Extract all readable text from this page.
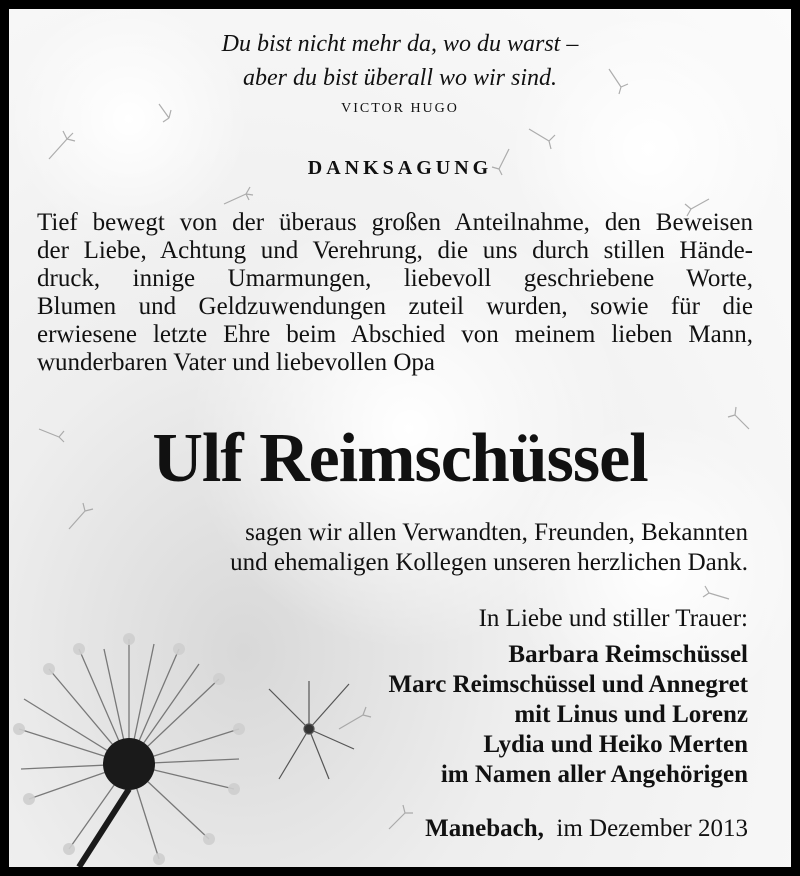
Du bist nicht mehr da, wo du warst –
aber du bist überall wo wir sind.
VICTOR HUGO
DANKSAGUNG
Tief bewegt von der überaus großen Anteilnahme, den Beweisen
der Liebe, Achtung und Verehrung, die uns durch stillen Hände-
druck, innige Umarmungen, liebevoll geschriebene Worte,
Blumen und Geldzuwendungen zuteil wurden, sowie für die
erwiesene letzte Ehre beim Abschied von meinem lieben Mann,
wunderbaren Vater und liebevollen Opa
Ulf Reimschüssel
sagen wir allen Verwandten, Freunden, Bekannten
und ehemaligen Kollegen unseren herzlichen Dank.
In Liebe und stiller Trauer:
Barbara Reimschüssel
Marc Reimschüssel und Annegret
mit Linus und Lorenz
Lydia und Heiko Merten
im Namen aller Angehörigen
Manebach, im Dezember 2013
